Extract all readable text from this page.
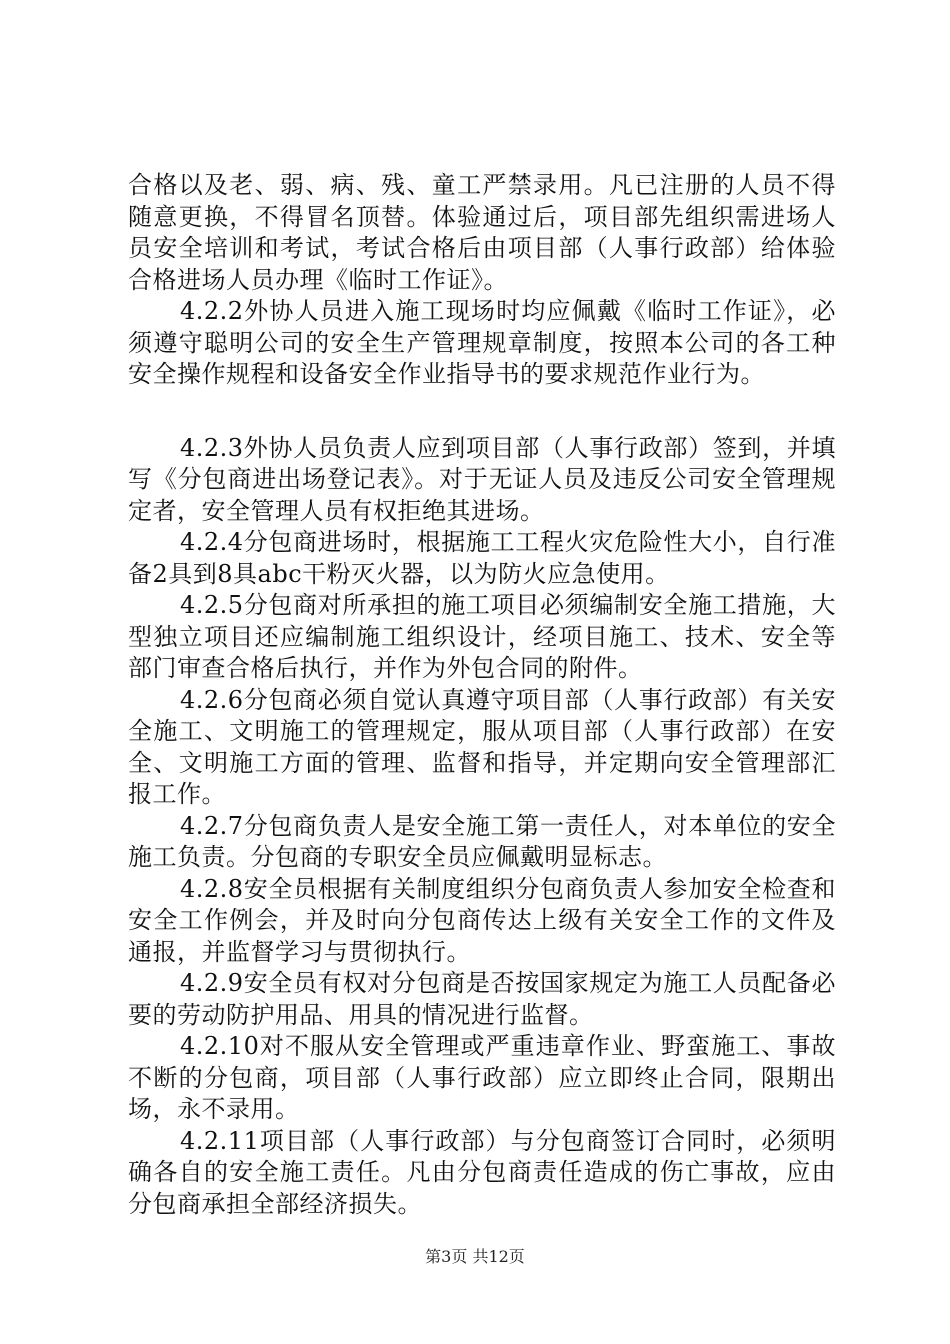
合格以及老、弱、病、残、童工严禁录用。凡已注册的人员不得随意更换，不得冒名顶替。体验通过后，项目部先组织需进场人员安全培训和考试，考试合格后由项目部（人事行政部）给体验合格进场人员办理《临时工作证》。

4.2.2外协人员进入施工现场时均应佩戴《临时工作证》，必须遵守聪明公司的安全生产管理规章制度，按照本公司的各工种安全操作规程和设备安全作业指导书的要求规范作业行为。

4.2.3外协人员负责人应到项目部（人事行政部）签到，并填写《分包商进出场登记表》。对于无证人员及违反公司安全管理规定者，安全管理人员有权拒绝其进场。

4.2.4分包商进场时，根据施工工程火灾危险性大小，自行准备2具到8具abc干粉灭火器，以为防火应急使用。

4.2.5分包商对所承担的施工项目必须编制安全施工措施，大型独立项目还应编制施工组织设计，经项目施工、技术、安全等部门审查合格后执行，并作为外包合同的附件。

4.2.6分包商必须自觉认真遵守项目部（人事行政部）有关安全施工、文明施工的管理规定，服从项目部（人事行政部）在安全、文明施工方面的管理、监督和指导，并定期向安全管理部汇报工作。

4.2.7分包商负责人是安全施工第一责任人，对本单位的安全施工负责。分包商的专职安全员应佩戴明显标志。

4.2.8安全员根据有关制度组织分包商负责人参加安全检查和安全工作例会，并及时向分包商传达上级有关安全工作的文件及通报，并监督学习与贯彻执行。

4.2.9安全员有权对分包商是否按国家规定为施工人员配备必要的劳动防护用品、用具的情况进行监督。

4.2.10对不服从安全管理或严重违章作业、野蛮施工、事故不断的分包商，项目部（人事行政部）应立即终止合同，限期出场，永不录用。

4.2.11项目部（人事行政部）与分包商签订合同时，必须明确各自的安全施工责任。凡由分包商责任造成的伤亡事故，应由分包商承担全部经济损失。

第3页 共12页
